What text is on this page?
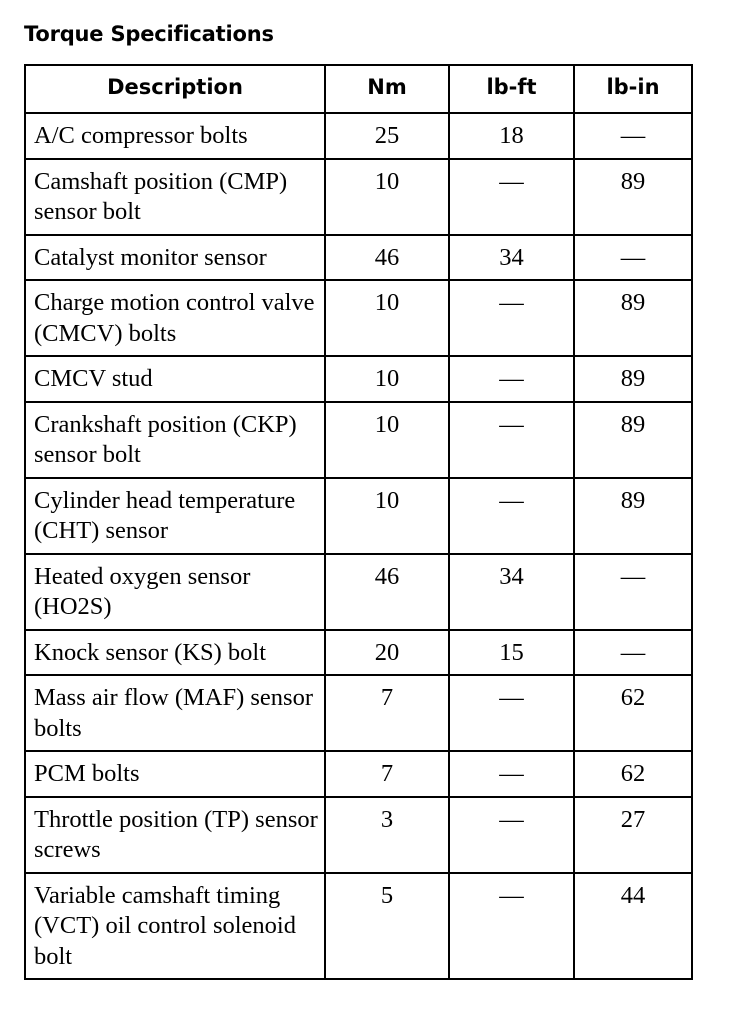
Torque Specifications
Description	Nm	lb-ft	lb-in
A/C compressor bolts	25	18	—
Camshaft position (CMP) sensor bolt	10	—	89
Catalyst monitor sensor	46	34	—
Charge motion control valve (CMCV) bolts	10	—	89
CMCV stud	10	—	89
Crankshaft position (CKP) sensor bolt	10	—	89
Cylinder head temperature (CHT) sensor	10	—	89
Heated oxygen sensor (HO2S)	46	34	—
Knock sensor (KS) bolt	20	15	—
Mass air flow (MAF) sensor bolts	7	—	62
PCM bolts	7	—	62
Throttle position (TP) sensor screws	3	—	27
Variable camshaft timing (VCT) oil control solenoid bolt	5	—	44
